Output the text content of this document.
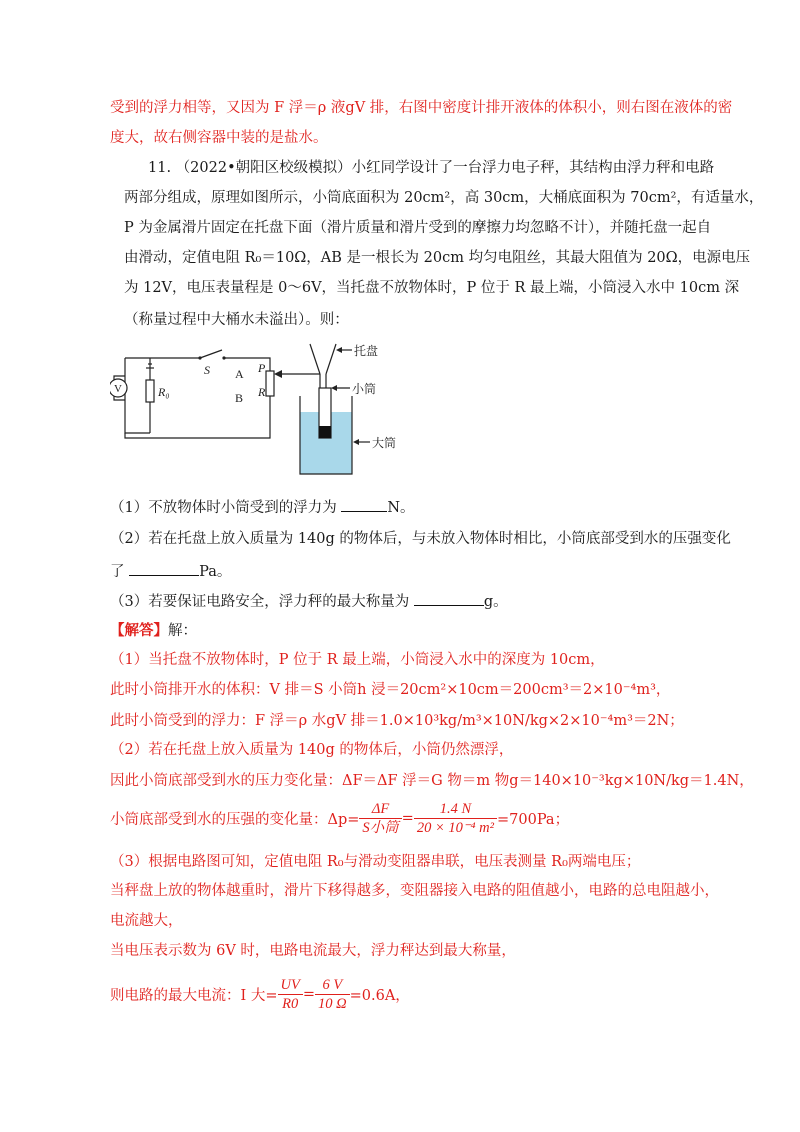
受到的浮力相等，又因为 F 浮＝ρ 液gV 排，右图中密度计排开液体的体积小，则右图在液体的密
度大，故右侧容器中装的是盐水。
11. （2022•朝阳区校级模拟）小红同学设计了一台浮力电子秤，其结构由浮力秤和电路
两部分组成，原理如图所示，小筒底面积为 20cm²，高 30cm，大桶底面积为 70cm²，有适量水，
P 为金属滑片固定在托盘下面（滑片质量和滑片受到的摩擦力均忽略不计），并随托盘一起自
由滑动，定值电阻 R₀＝10Ω，AB 是一根长为 20cm 均匀电阻丝，其最大阻值为 20Ω，电源电压
为 12V，电压表量程是 0～6V，当托盘不放物体时，P 位于 R 最上端，小筒浸入水中 10cm 深
（称量过程中大桶水未溢出）。则：
V
S
R₀
A
B R
P
托盘
小筒
大筒
（1）不放物体时小筒受到的浮力为	N。
（2）若在托盘上放入质量为 140g 的物体后，与未放入物体时相比，小筒底部受到水的压强变化
了	Pa。
（3）若要保证电路安全，浮力秤的最大称量为	g。
【解答】解：
（1）当托盘不放物体时，P 位于 R 最上端，小筒浸入水中的深度为 10cm，
此时小筒排开水的体积：V 排＝S 小筒h 浸＝20cm²×10cm＝200cm³＝2×10⁻⁴m³，
此时小筒受到的浮力：F 浮＝ρ 水gV 排＝1.0×10³kg/m³×10N/kg×2×10⁻⁴m³＝2N；
（2）若在托盘上放入质量为 140g 的物体后，小筒仍然漂浮，
因此小筒底部受到水的压力变化量：ΔF＝ΔF 浮＝G 物＝m 物g＝140×10⁻³kg×10N/kg＝1.4N，
小筒底部受到水的压强的变化量：$\Delta p= \frac{\Delta F}{\text{S小筒}} = \frac{1.4 N}{\text{20 × 10⁻⁴ m²}} =700Pa$；
（3）根据电路图可知，定值电阻 R₀与滑动变阻器串联，电压表测量 R₀两端电压；
当秤盘上放的物体越重时，滑片下移得越多，变阻器接入电路的阻值越小，电路的总电阻越小，
电流越大，
当电压表示数为 6V 时，电路电流最大，浮力秤达到最大称量，
则电路的最大电流：I 大= $\frac{UV}{R0} = \frac{6 V}{10 \Omega} =0.6A$，
